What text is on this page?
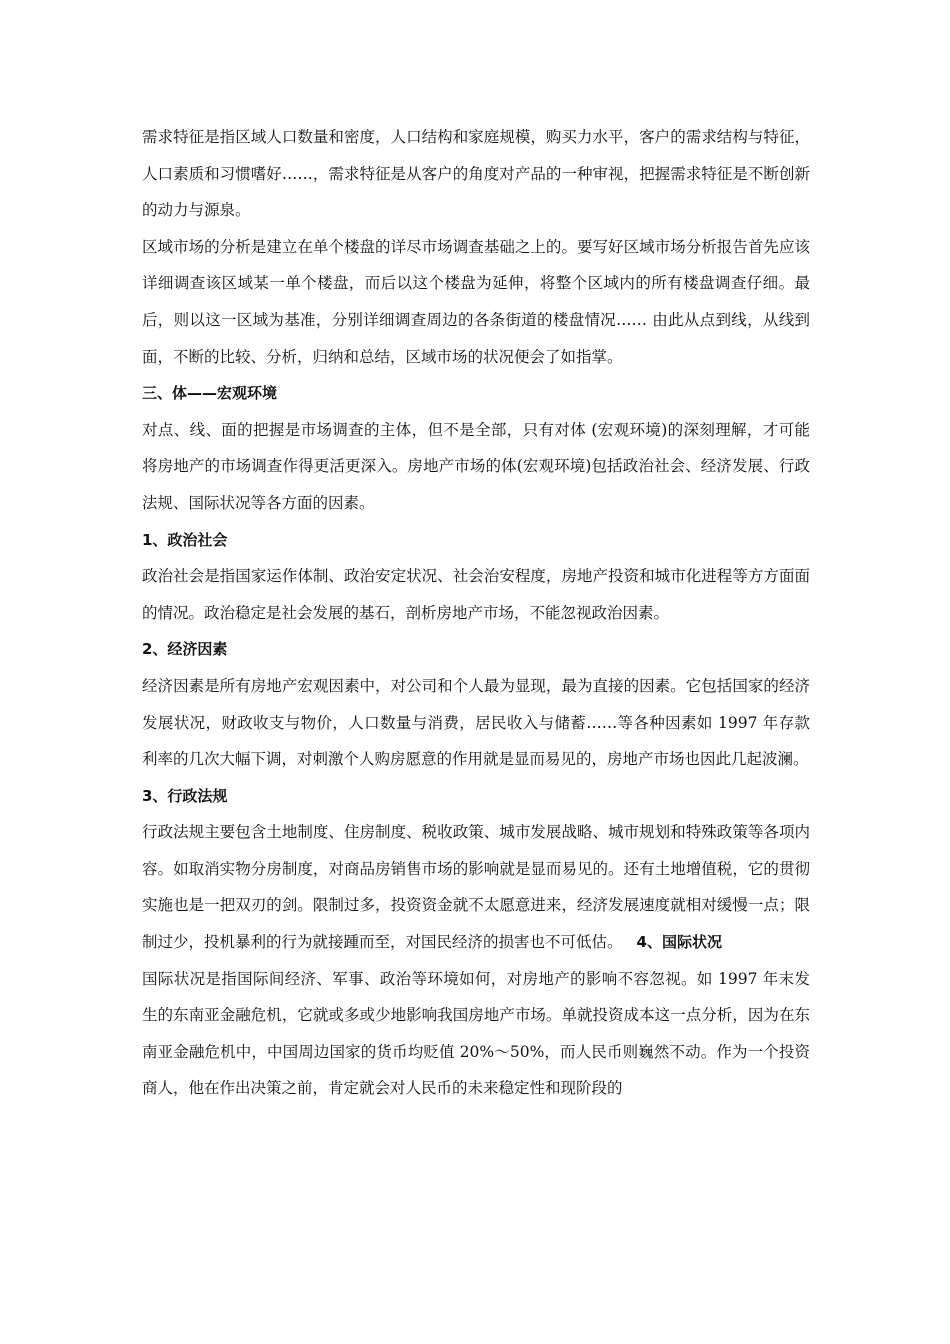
需求特征是指区域人口数量和密度，人口结构和家庭规模，购买力水平，客户的需求结构与特征，人口素质和习惯嗜好……，需求特征是从客户的角度对产品的一种审视，把握需求特征是不断创新的动力与源泉。

区域市场的分析是建立在单个楼盘的详尽市场调查基础之上的。要写好区域市场分析报告首先应该详细调查该区域某一单个楼盘，而后以这个楼盘为延伸，将整个区域内的所有楼盘调查仔细。最后，则以这一区域为基准，分别详细调查周边的各条街道的楼盘情况…… 由此从点到线，从线到面，不断的比较、分析，归纳和总结，区域市场的状况便会了如指掌。

三、体——宏观环境

对点、线、面的把握是市场调查的主体，但不是全部，只有对体 (宏观环境)的深刻理解，才可能将房地产的市场调查作得更活更深入。房地产市场的体(宏观环境)包括政治社会、经济发展、行政法规、国际状况等各方面的因素。

1、政治社会

政治社会是指国家运作体制、政治安定状况、社会治安程度，房地产投资和城市化进程等方方面面的情况。政治稳定是社会发展的基石，剖析房地产市场，不能忽视政治因素。

2、经济因素

经济因素是所有房地产宏观因素中，对公司和个人最为显现，最为直接的因素。它包括国家的经济发展状况，财政收支与物价，人口数量与消费，居民收入与储蓄……等各种因素如 1997 年存款利率的几次大幅下调，对刺激个人购房愿意的作用就是显而易见的，房地产市场也因此几起波澜。

3、行政法规

行政法规主要包含土地制度、住房制度、税收政策、城市发展战略、城市规划和特殊政策等各项内容。如取消实物分房制度，对商品房销售市场的影响就是显而易见的。还有土地增值税，它的贯彻实施也是一把双刃的剑。限制过多，投资资金就不太愿意进来，经济发展速度就相对缓慢一点；限制过少，投机暴利的行为就接踵而至，对国民经济的损害也不可低估。 4、国际状况

国际状况是指国际间经济、军事、政治等环境如何，对房地产的影响不容忽视。如 1997 年末发生的东南亚金融危机，它就或多或少地影响我国房地产市场。单就投资成本这一点分析，因为在东南亚金融危机中，中国周边国家的货币均贬值 20%～50%，而人民币则巍然不动。作为一个投资商人，他在作出决策之前，肯定就会对人民币的未来稳定性和现阶段的
